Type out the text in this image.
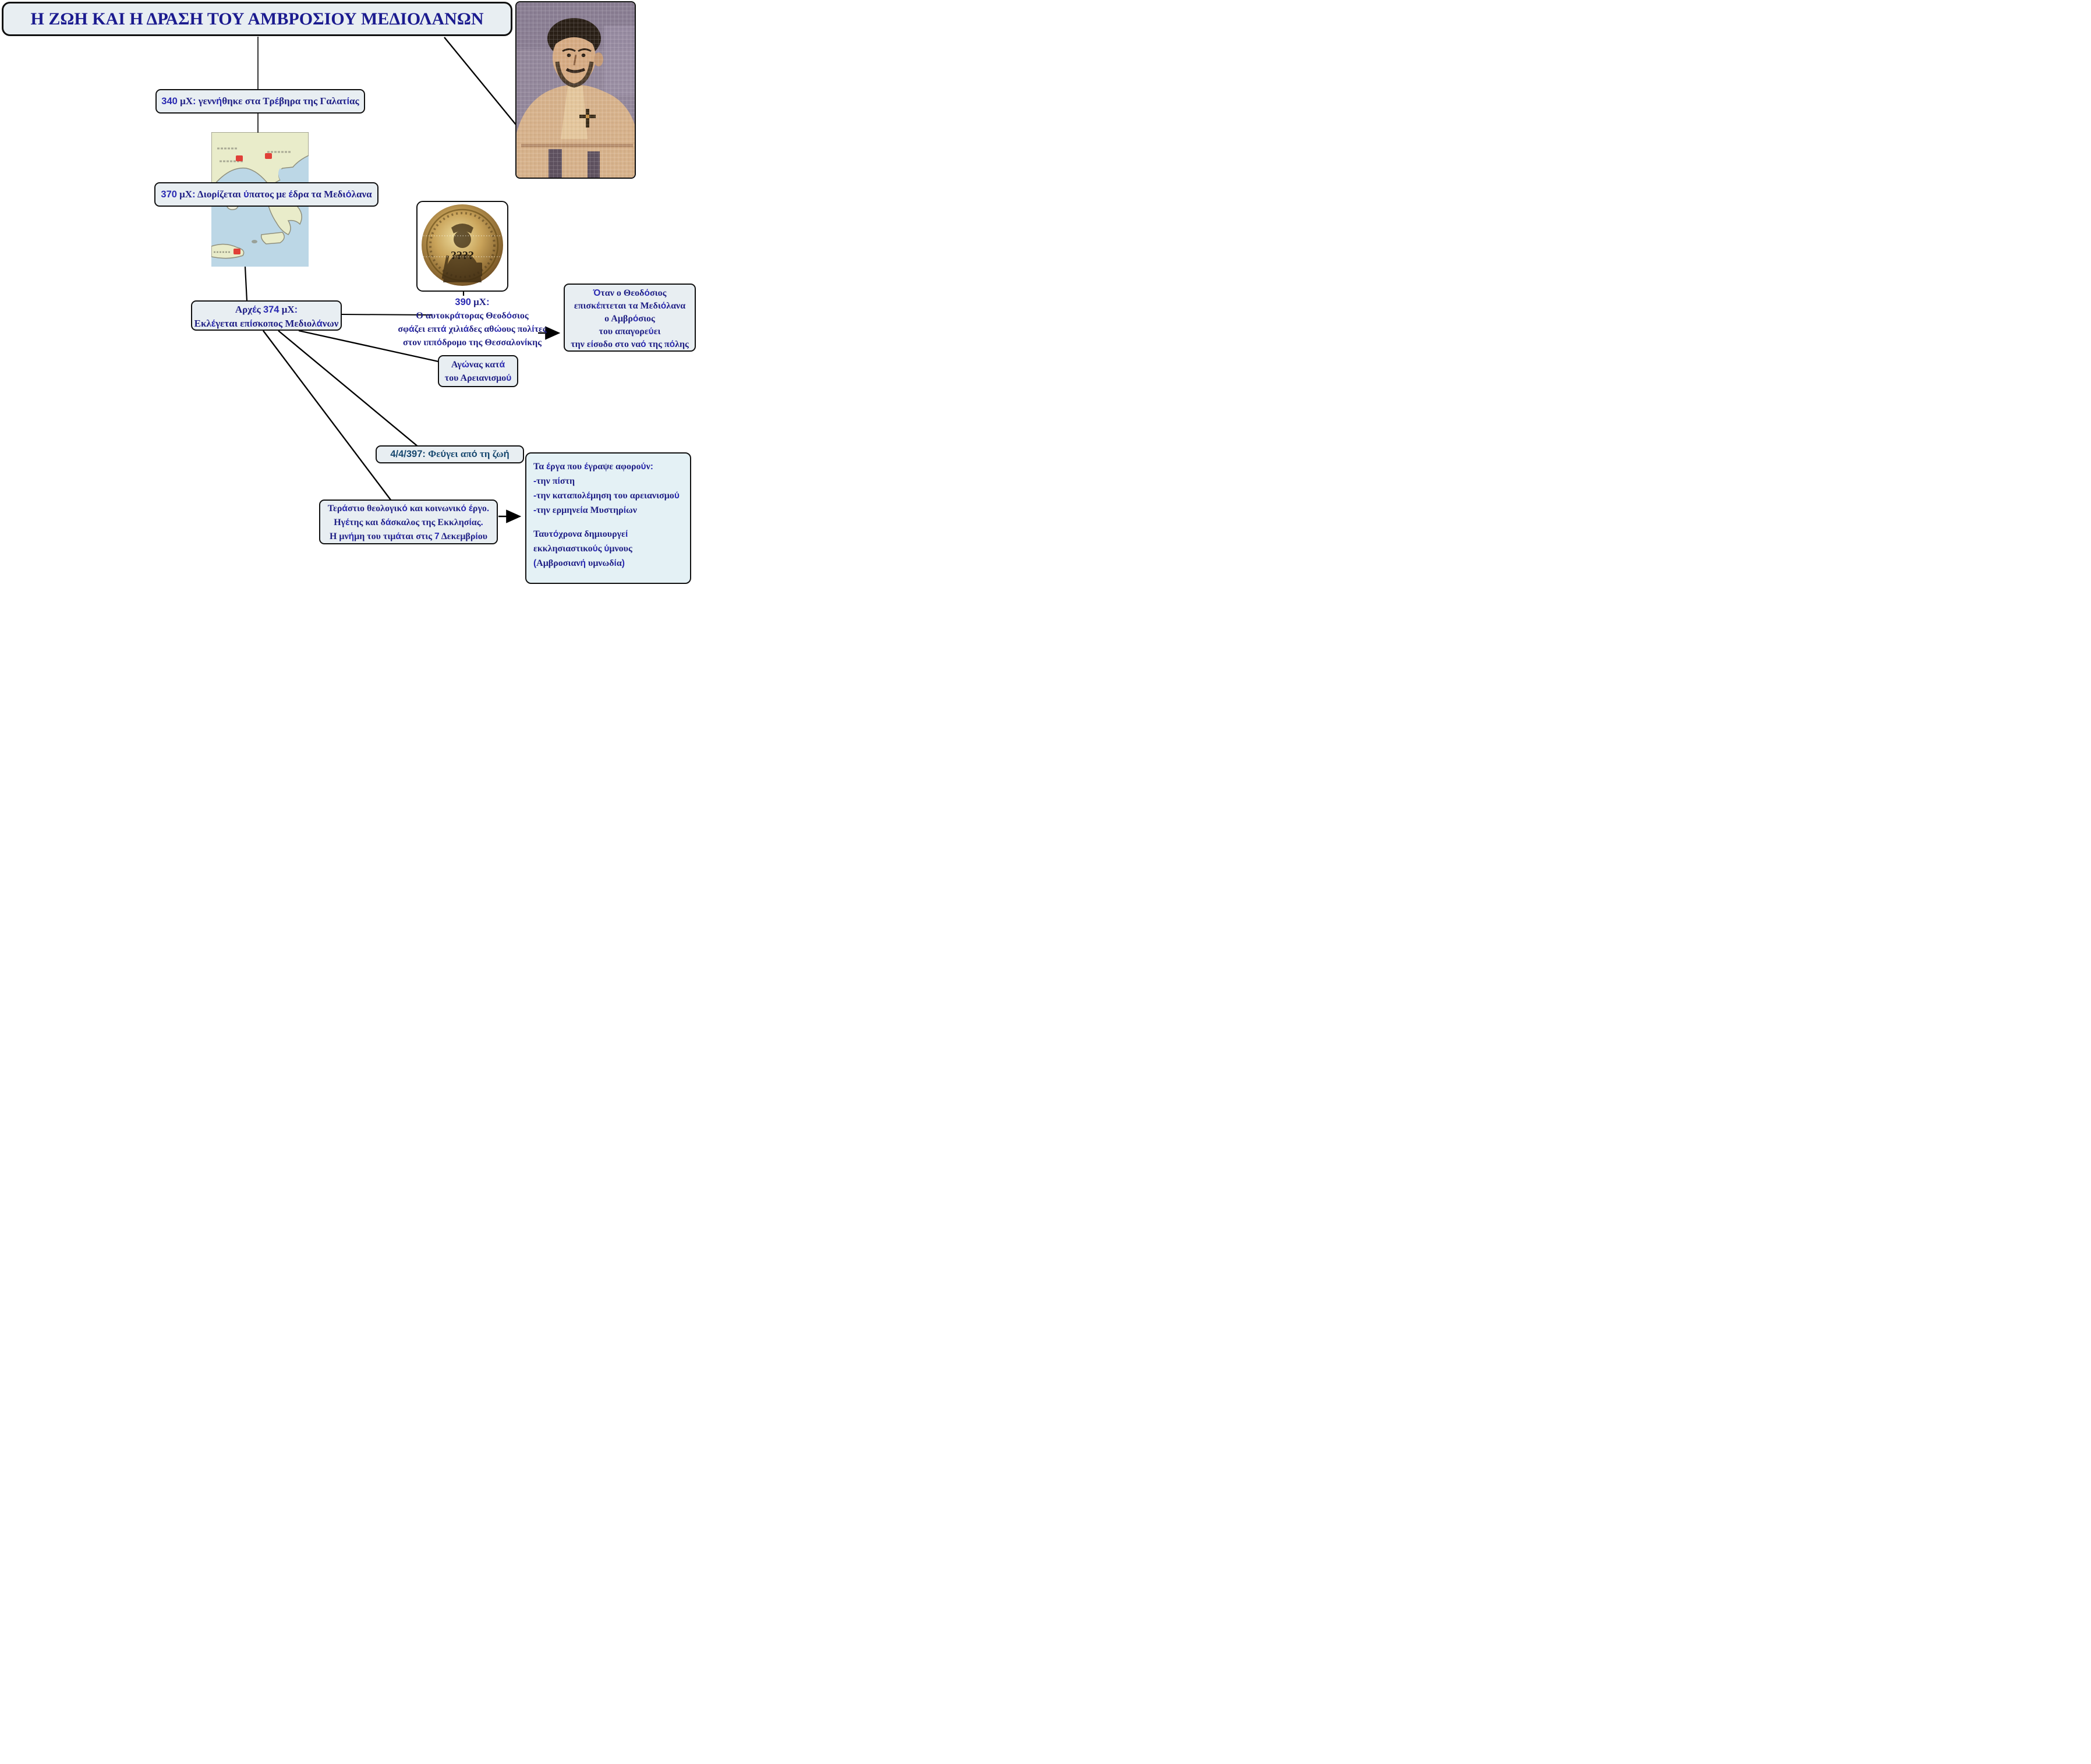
Η ΖΩΗ ΚΑΙ Η ΔΡΑΣΗ ΤΟΥ ΑΜΒΡΟΣΙΟΥ ΜΕΔΙΟΛΑΝΩΝ
????
340 μΧ: γεννήθηκε στα Τρέβηρα της Γαλατίας
370 μΧ: Διορίζεται ύπατος με έδρα τα Μεδιόλανα
Αρχές 374 μΧ:
Εκλέγεται επίσκοπος Μεδιολάνων
390 μΧ:
Ο αυτοκράτορας Θεοδόσιος
σφάζει επτά χιλιάδες αθώους πολίτες
στον ιππόδρομο της Θεσσαλονίκης
Όταν ο Θεοδόσιος
επισκέπτεται τα Μεδιόλανα
ο Αμβρόσιος
του απαγορεύει
την είσοδο στο ναό της πόλης
Αγώνας κατά
του Αρειανισμού
4/4/397: Φεύγει από τη ζωή
Τεράστιο θεολογικό και κοινωνικό έργο.
Ηγέτης και δάσκαλος της Εκκλησίας.
Η μνήμη του τιμάται στις 7 Δεκεμβρίου
Τα έργα που έγραψε αφορούν:
-την πίστη
-την καταπολέμηση του αρειανισμού
-την ερμηνεία Μυστηρίων
Ταυτόχρονα δημιουργεί
εκκλησιαστικούς ύμνους
(Αμβροσιανή υμνωδία)
